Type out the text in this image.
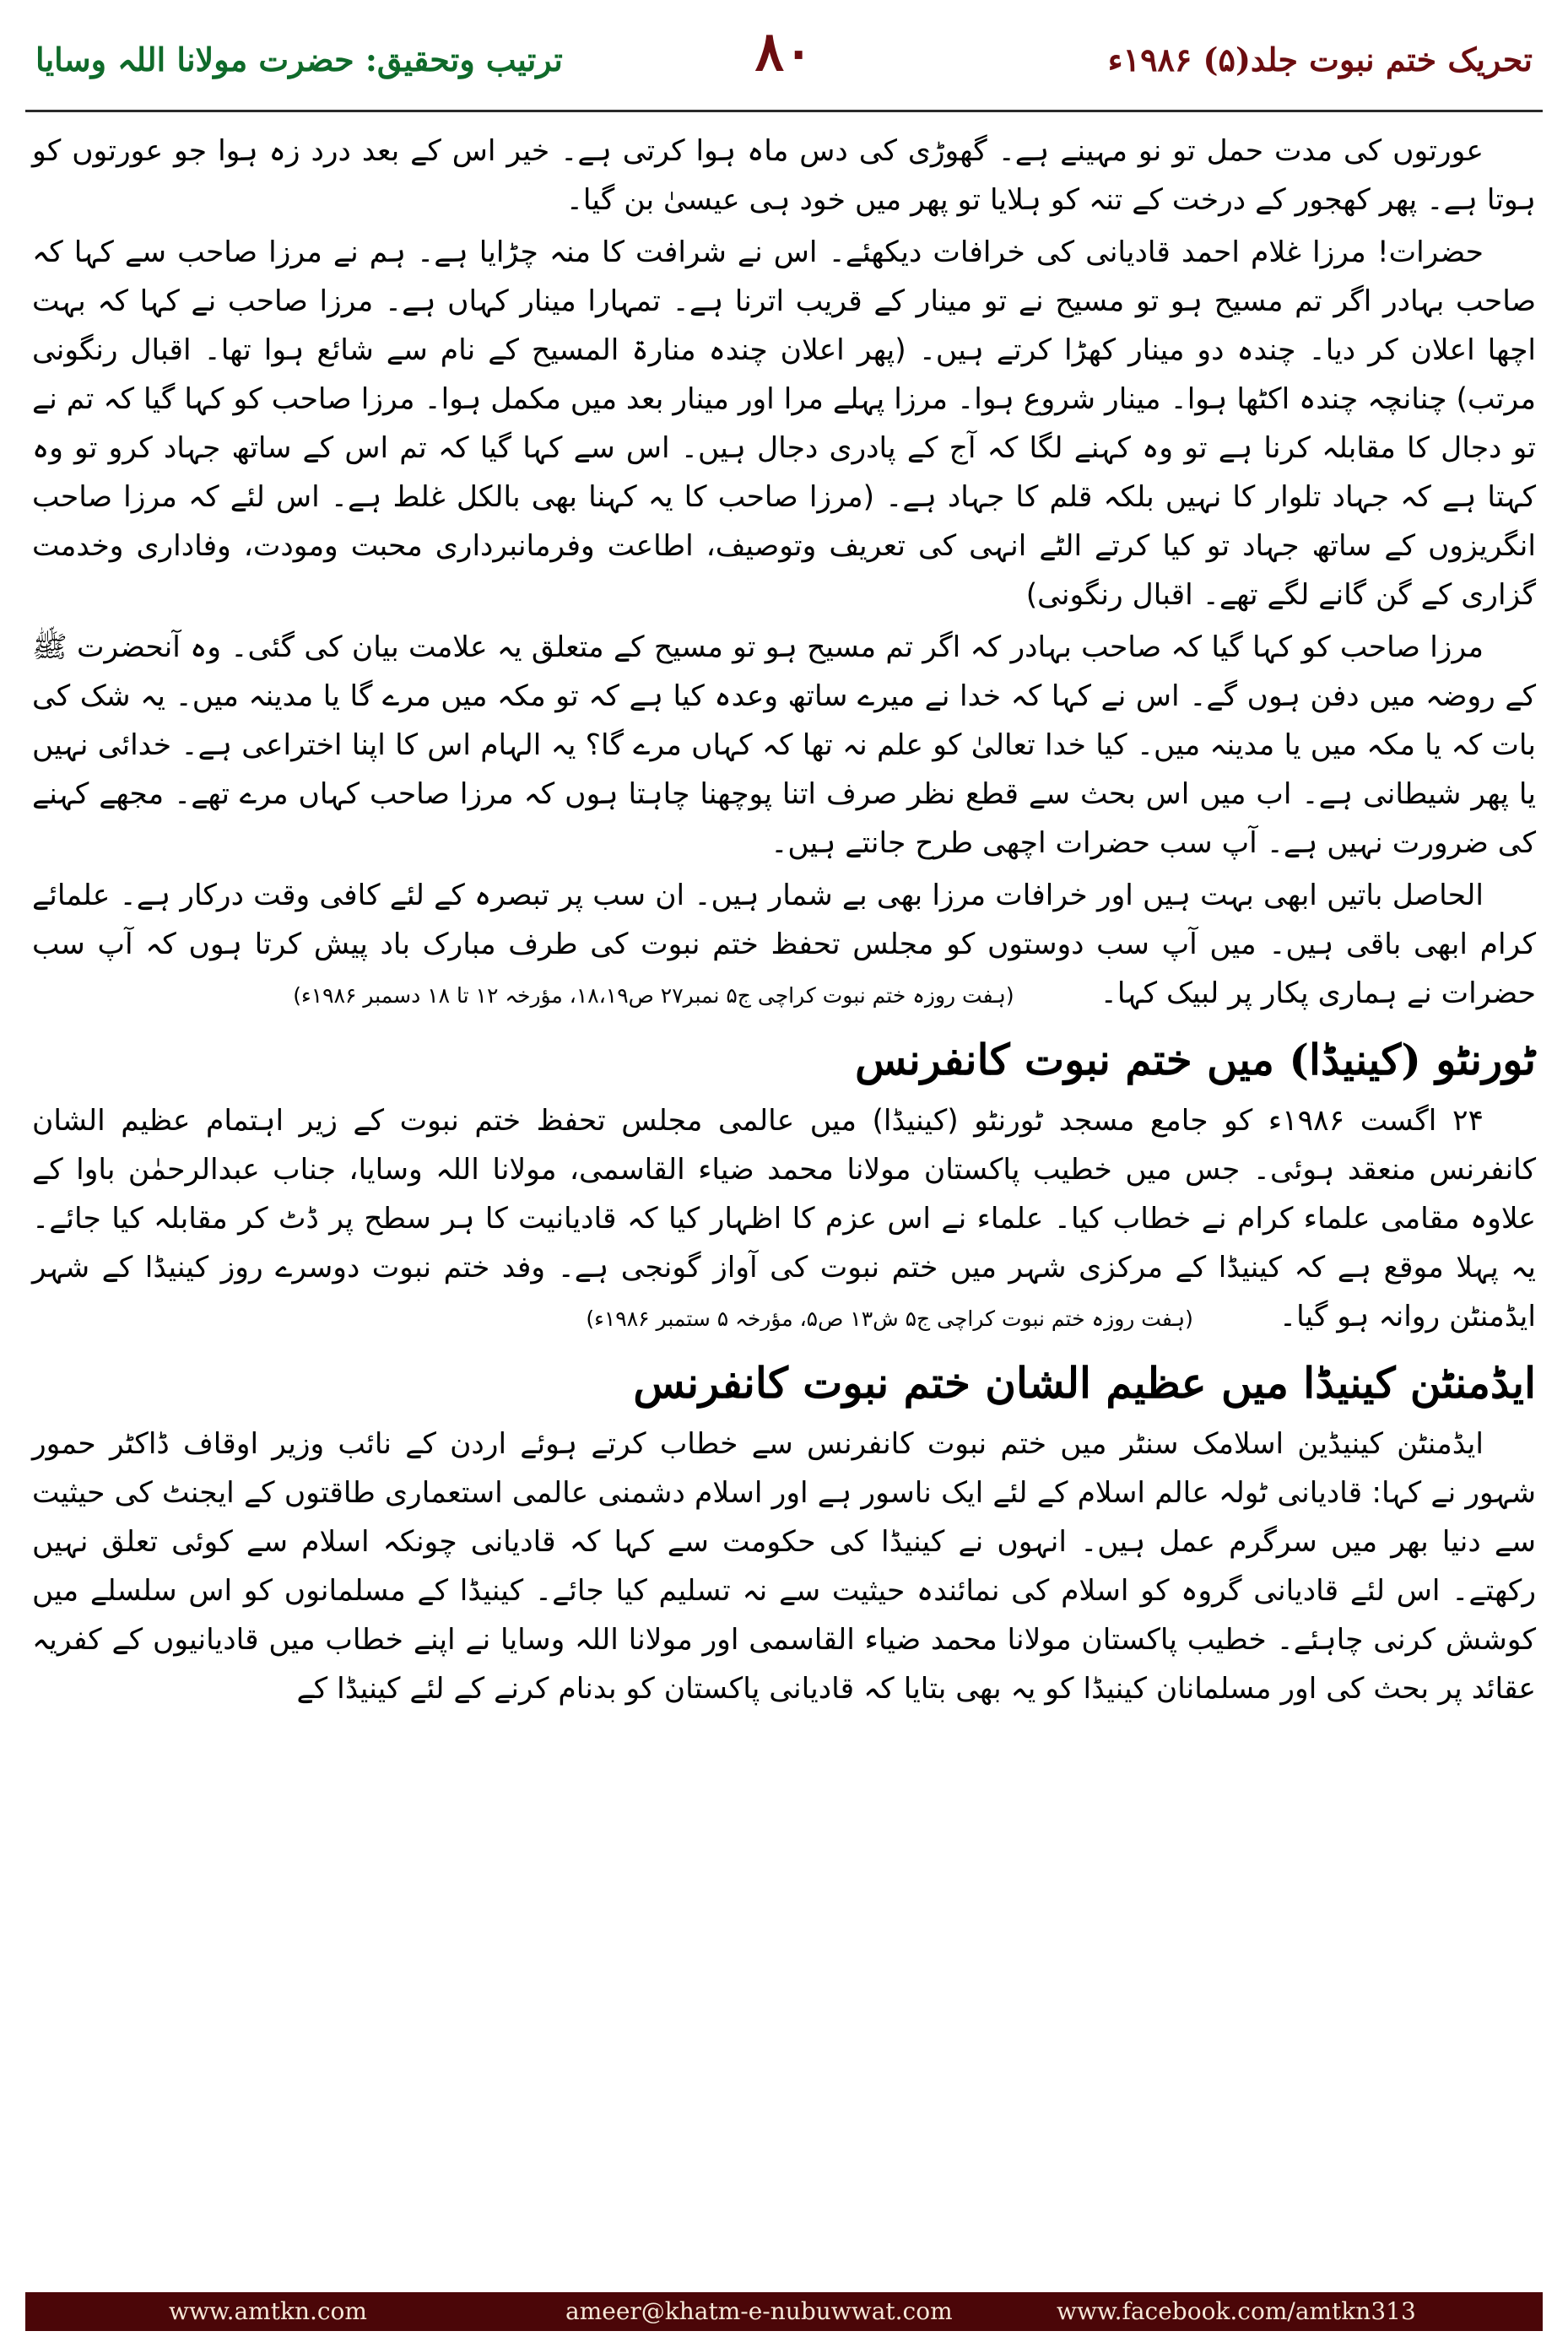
تحریک ختم نبوت جلد(۵) ۱۹۸۶ء
۸۰
ترتیب وتحقیق: حضرت مولانا اللہ وسایا

عورتوں کی مدت حمل تو نو مہینے ہے۔ گھوڑی کی دس ماہ ہوا کرتی ہے۔ خیر اس کے بعد درد زہ ہوا جو عورتوں کو ہوتا ہے۔ پھر کھجور کے درخت کے تنہ کو ہلایا تو پھر میں خود ہی عیسیٰ بن گیا۔

حضرات! مرزا غلام احمد قادیانی کی خرافات دیکھئے۔ اس نے شرافت کا منہ چڑایا ہے۔ ہم نے مرزا صاحب سے کہا کہ صاحب بہادر اگر تم مسیح ہو تو مسیح نے تو مینار کے قریب اترنا ہے۔ تمہارا مینار کہاں ہے۔ مرزا صاحب نے کہا کہ بہت اچھا اعلان کر دیا۔ چندہ دو مینار کھڑا کرتے ہیں۔ (پھر اعلان چندہ منارۃ المسیح کے نام سے شائع ہوا تھا۔ اقبال رنگونی مرتب) چنانچہ چندہ اکٹھا ہوا۔ مینار شروع ہوا۔ مرزا پہلے مرا اور مینار بعد میں مکمل ہوا۔ مرزا صاحب کو کہا گیا کہ تم نے تو دجال کا مقابلہ کرنا ہے تو وہ کہنے لگا کہ آج کے پادری دجال ہیں۔ اس سے کہا گیا کہ تم اس کے ساتھ جہاد کرو تو وہ کہتا ہے کہ جہاد تلوار کا نہیں بلکہ قلم کا جہاد ہے۔ (مرزا صاحب کا یہ کہنا بھی بالکل غلط ہے۔ اس لئے کہ مرزا صاحب انگریزوں کے ساتھ جہاد تو کیا کرتے الٹے انہی کی تعریف وتوصیف، اطاعت وفرمانبرداری محبت ومودت، وفاداری وخدمت گزاری کے گن گانے لگے تھے۔ اقبال رنگونی)

مرزا صاحب کو کہا گیا کہ صاحب بہادر کہ اگر تم مسیح ہو تو مسیح کے متعلق یہ علامت بیان کی گئی۔ وہ آنحضرت ﷺ کے روضہ میں دفن ہوں گے۔ اس نے کہا کہ خدا نے میرے ساتھ وعدہ کیا ہے کہ تو مکہ میں مرے گا یا مدینہ میں۔ یہ شک کی بات کہ یا مکہ میں یا مدینہ میں۔ کیا خدا تعالیٰ کو علم نہ تھا کہ کہاں مرے گا؟ یہ الہام اس کا اپنا اختراعی ہے۔ خدائی نہیں یا پھر شیطانی ہے۔ اب میں اس بحث سے قطع نظر صرف اتنا پوچھنا چاہتا ہوں کہ مرزا صاحب کہاں مرے تھے۔ مجھے کہنے کی ضرورت نہیں ہے۔ آپ سب حضرات اچھی طرح جانتے ہیں۔

الحاصل باتیں ابھی بہت ہیں اور خرافات مرزا بھی بے شمار ہیں۔ ان سب پر تبصرہ کے لئے کافی وقت درکار ہے۔ علمائے کرام ابھی باقی ہیں۔ میں آپ سب دوستوں کو مجلس تحفظ ختم نبوت کی طرف مبارک باد پیش کرتا ہوں کہ آپ سب حضرات نے ہماری پکار پر لبیک کہا۔(ہفت روزہ ختم نبوت کراچی ج۵ نمبر۲۷ ص۱۸،۱۹، مؤرخہ ۱۲ تا ۱۸ دسمبر ۱۹۸۶ء)

ٹورنٹو (کینیڈا) میں ختم نبوت کانفرنس

۲۴ اگست ۱۹۸۶ء کو جامع مسجد ٹورنٹو (کینیڈا) میں عالمی مجلس تحفظ ختم نبوت کے زیر اہتمام عظیم الشان کانفرنس منعقد ہوئی۔ جس میں خطیب پاکستان مولانا محمد ضیاء القاسمی، مولانا اللہ وسایا، جناب عبدالرحمٰن باوا کے علاوہ مقامی علماء کرام نے خطاب کیا۔ علماء نے اس عزم کا اظہار کیا کہ قادیانیت کا ہر سطح پر ڈٹ کر مقابلہ کیا جائے۔ یہ پہلا موقع ہے کہ کینیڈا کے مرکزی شہر میں ختم نبوت کی آواز گونجی ہے۔ وفد ختم نبوت دوسرے روز کینیڈا کے شہر ایڈمنٹن روانہ ہو گیا۔(ہفت روزہ ختم نبوت کراچی ج۵ ش۱۳ ص۵، مؤرخہ ۵ ستمبر ۱۹۸۶ء)

ایڈمنٹن کینیڈا میں عظیم الشان ختم نبوت کانفرنس

ایڈمنٹن کینیڈین اسلامک سنٹر میں ختم نبوت کانفرنس سے خطاب کرتے ہوئے اردن کے نائب وزیر اوقاف ڈاکٹر حمور شہور نے کہا: قادیانی ٹولہ عالم اسلام کے لئے ایک ناسور ہے اور اسلام دشمنی عالمی استعماری طاقتوں کے ایجنٹ کی حیثیت سے دنیا بھر میں سرگرم عمل ہیں۔ انہوں نے کینیڈا کی حکومت سے کہا کہ قادیانی چونکہ اسلام سے کوئی تعلق نہیں رکھتے۔ اس لئے قادیانی گروہ کو اسلام کی نمائندہ حیثیت سے نہ تسلیم کیا جائے۔ کینیڈا کے مسلمانوں کو اس سلسلے میں کوشش کرنی چاہئے۔ خطیب پاکستان مولانا محمد ضیاء القاسمی اور مولانا اللہ وسایا نے اپنے خطاب میں قادیانیوں کے کفریہ عقائد پر بحث کی اور مسلمانان کینیڈا کو یہ بھی بتایا کہ قادیانی پاکستان کو بدنام کرنے کے لئے کینیڈا کے

www.amtkn.com	ameer@khatm-e-nubuwwat.com	www.facebook.com/amtkn313
